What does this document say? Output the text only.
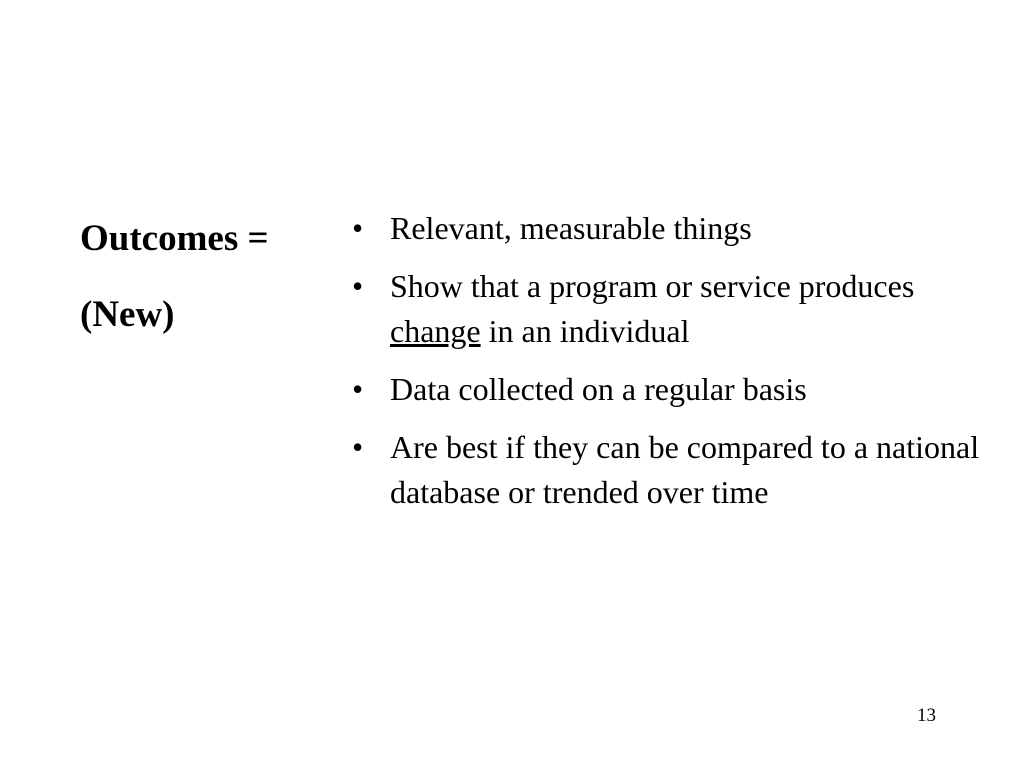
Outcomes =
(New)
• Relevant, measurable things
• Show that a program or service produces change in an individual
• Data collected on a regular basis
• Are best if they can be compared to a national database or trended over time
13
